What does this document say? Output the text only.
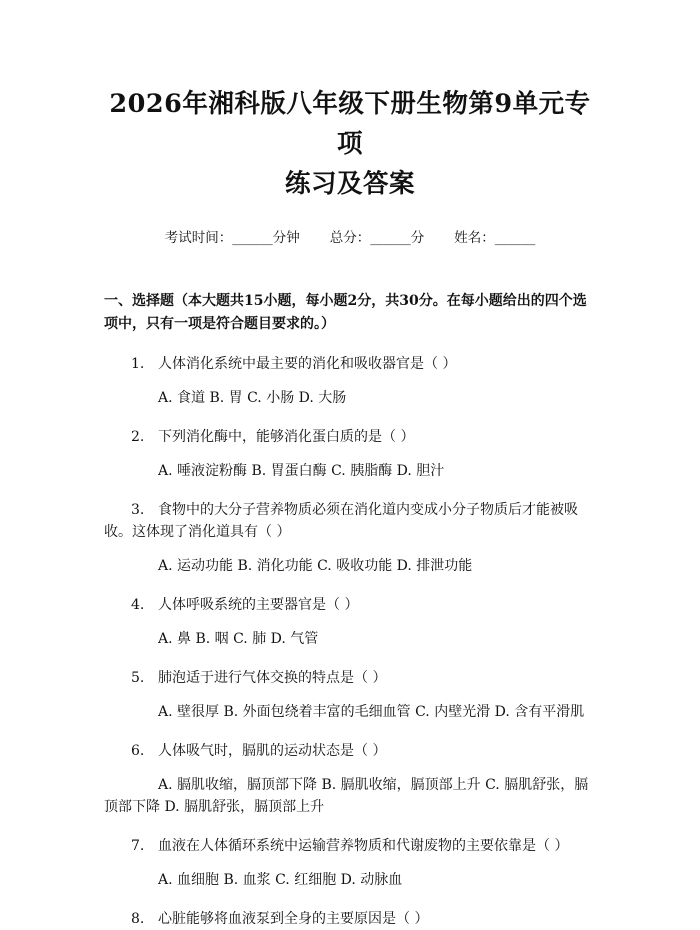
2026年湘科版八年级下册生物第9单元专项
练习及答案
考试时间：______分钟 总分：______分 姓名：______
一、选择题（本大题共15小题，每小题2分，共30分。在每小题给出的四个选项中，只有一项是符合题目要求的。）
1. 人体消化系统中最主要的消化和吸收器官是（ ）
A. 食道 B. 胃 C. 小肠 D. 大肠
2. 下列消化酶中，能够消化蛋白质的是（ ）
A. 唾液淀粉酶 B. 胃蛋白酶 C. 胰脂酶 D. 胆汁
3. 食物中的大分子营养物质必须在消化道内变成小分子物质后才能被吸收。这体现了消化道具有（ ）
A. 运动功能 B. 消化功能 C. 吸收功能 D. 排泄功能
4. 人体呼吸系统的主要器官是（ ）
A. 鼻 B. 咽 C. 肺 D. 气管
5. 肺泡适于进行气体交换的特点是（ ）
A. 壁很厚 B. 外面包绕着丰富的毛细血管 C. 内壁光滑 D. 含有平滑肌
6. 人体吸气时，膈肌的运动状态是（ ）
A. 膈肌收缩，膈顶部下降 B. 膈肌收缩，膈顶部上升 C. 膈肌舒张，膈顶部下降 D. 膈肌舒张，膈顶部上升
7. 血液在人体循环系统中运输营养物质和代谢废物的主要依靠是（ ）
A. 血细胞 B. 血浆 C. 红细胞 D. 动脉血
8. 心脏能够将血液泵到全身的主要原因是（ ）
